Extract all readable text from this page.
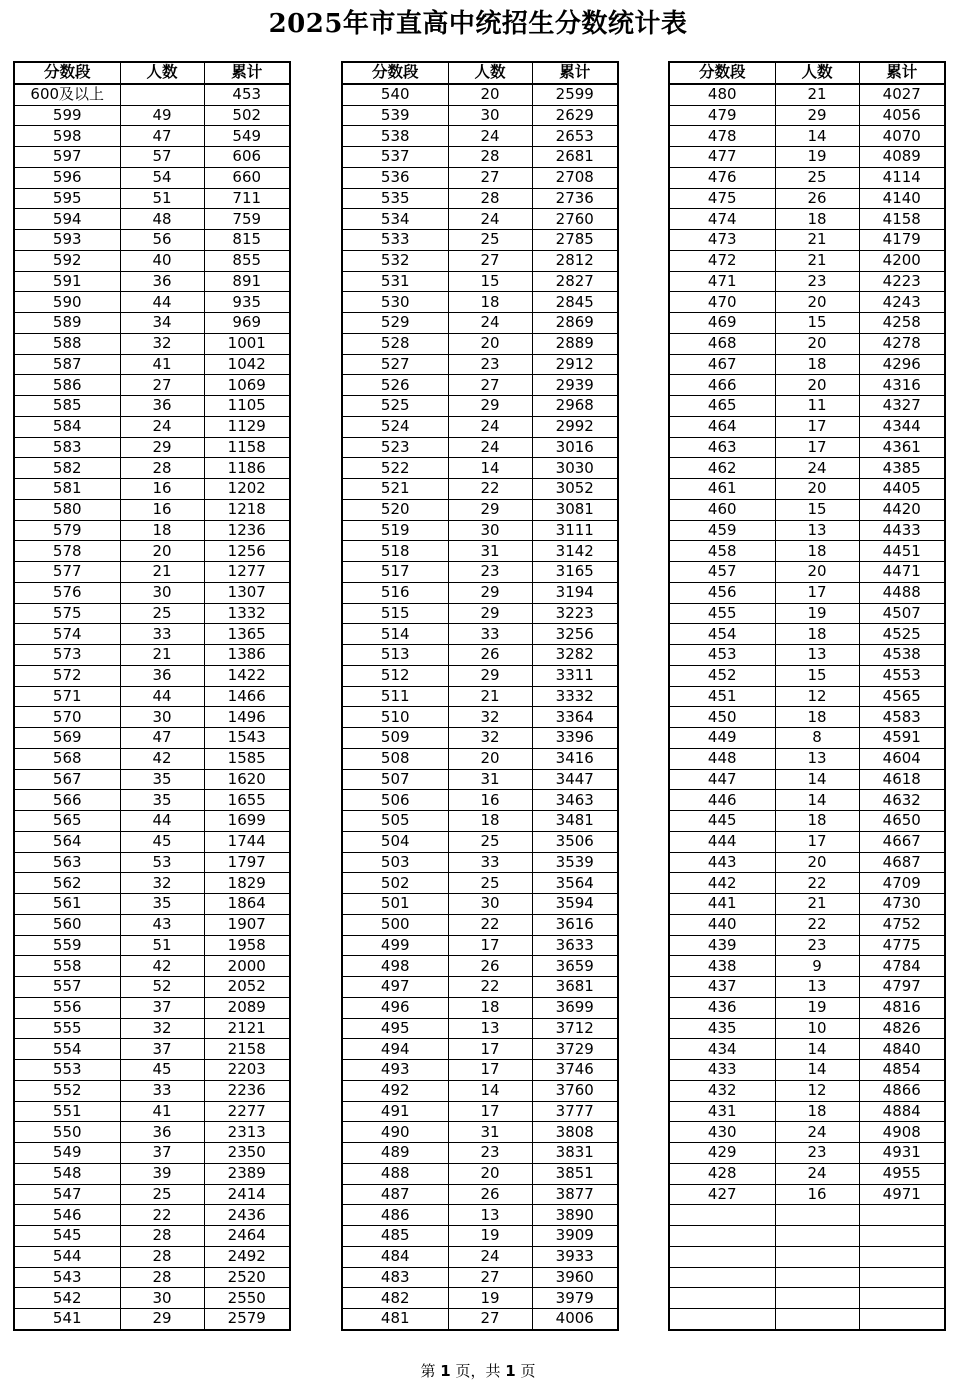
2025年市直高中统招生分数统计表
分数段	人数	累计
600及以上		453
599	49	502
598	47	549
597	57	606
596	54	660
595	51	711
594	48	759
593	56	815
592	40	855
591	36	891
590	44	935
589	34	969
588	32	1001
587	41	1042
586	27	1069
585	36	1105
584	24	1129
583	29	1158
582	28	1186
581	16	1202
580	16	1218
579	18	1236
578	20	1256
577	21	1277
576	30	1307
575	25	1332
574	33	1365
573	21	1386
572	36	1422
571	44	1466
570	30	1496
569	47	1543
568	42	1585
567	35	1620
566	35	1655
565	44	1699
564	45	1744
563	53	1797
562	32	1829
561	35	1864
560	43	1907
559	51	1958
558	42	2000
557	52	2052
556	37	2089
555	32	2121
554	37	2158
553	45	2203
552	33	2236
551	41	2277
550	36	2313
549	37	2350
548	39	2389
547	25	2414
546	22	2436
545	28	2464
544	28	2492
543	28	2520
542	30	2550
541	29	2579
分数段	人数	累计
540	20	2599
539	30	2629
538	24	2653
537	28	2681
536	27	2708
535	28	2736
534	24	2760
533	25	2785
532	27	2812
531	15	2827
530	18	2845
529	24	2869
528	20	2889
527	23	2912
526	27	2939
525	29	2968
524	24	2992
523	24	3016
522	14	3030
521	22	3052
520	29	3081
519	30	3111
518	31	3142
517	23	3165
516	29	3194
515	29	3223
514	33	3256
513	26	3282
512	29	3311
511	21	3332
510	32	3364
509	32	3396
508	20	3416
507	31	3447
506	16	3463
505	18	3481
504	25	3506
503	33	3539
502	25	3564
501	30	3594
500	22	3616
499	17	3633
498	26	3659
497	22	3681
496	18	3699
495	13	3712
494	17	3729
493	17	3746
492	14	3760
491	17	3777
490	31	3808
489	23	3831
488	20	3851
487	26	3877
486	13	3890
485	19	3909
484	24	3933
483	27	3960
482	19	3979
481	27	4006
分数段	人数	累计
480	21	4027
479	29	4056
478	14	4070
477	19	4089
476	25	4114
475	26	4140
474	18	4158
473	21	4179
472	21	4200
471	23	4223
470	20	4243
469	15	4258
468	20	4278
467	18	4296
466	20	4316
465	11	4327
464	17	4344
463	17	4361
462	24	4385
461	20	4405
460	15	4420
459	13	4433
458	18	4451
457	20	4471
456	17	4488
455	19	4507
454	18	4525
453	13	4538
452	15	4553
451	12	4565
450	18	4583
449	8	4591
448	13	4604
447	14	4618
446	14	4632
445	18	4650
444	17	4667
443	20	4687
442	22	4709
441	21	4730
440	22	4752
439	23	4775
438	9	4784
437	13	4797
436	19	4816
435	10	4826
434	14	4840
433	14	4854
432	12	4866
431	18	4884
430	24	4908
429	23	4931
428	24	4955
427	16	4971

第 1 页，共 1 页
